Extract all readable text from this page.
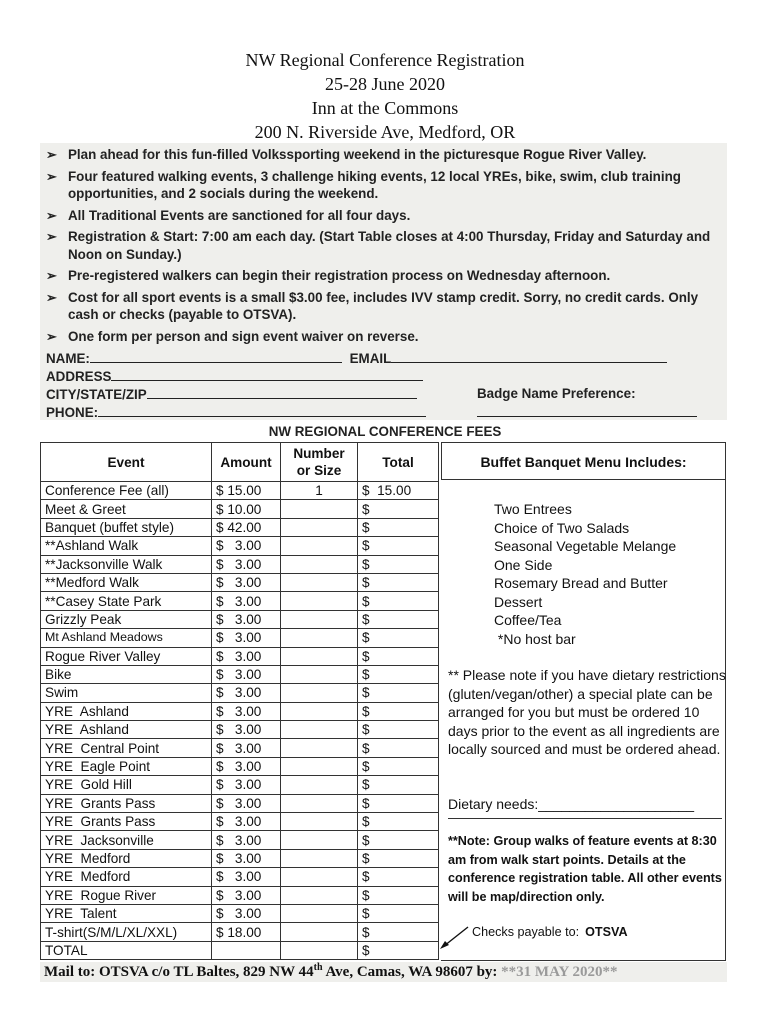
NW Regional Conference Registration
25-28 June 2020
Inn at the Commons
200 N. Riverside Ave, Medford, OR
➢ Plan ahead for this fun-filled Volkssporting weekend in the picturesque Rogue River Valley.
➢ Four featured walking events, 3 challenge hiking events, 12 local YREs, bike, swim, club training opportunities, and 2 socials during the weekend.
➢ All Traditional Events are sanctioned for all four days.
➢ Registration & Start: 7:00 am each day. (Start Table closes at 4:00 Thursday, Friday and Saturday and Noon on Sunday.)
➢ Pre-registered walkers can begin their registration process on Wednesday afternoon.
➢ Cost for all sport events is a small $3.00 fee, includes IVV stamp credit. Sorry, no credit cards. Only cash or checks (payable to OTSVA).
➢ One form per person and sign event waiver on reverse.
NAME:	EMAIL
ADDRESS
CITY/STATE/ZIP	Badge Name Preference:
PHONE:
NW REGIONAL CONFERENCE FEES
Event	Amount	Number or Size	Total
Conference Fee (all)	$ 15.00	1	$  15.00
Meet & Greet	$ 10.00		$
Banquet (buffet style)	$ 42.00		$
**Ashland Walk	$   3.00		$
**Jacksonville Walk	$   3.00		$
**Medford Walk	$   3.00		$
**Casey State Park	$   3.00		$
Grizzly Peak	$   3.00		$
Mt Ashland Meadows	$   3.00		$
Rogue River Valley	$   3.00		$
Bike	$   3.00		$
Swim	$   3.00		$
YRE  Ashland	$   3.00		$
YRE  Ashland	$   3.00		$
YRE  Central Point	$   3.00		$
YRE  Eagle Point	$   3.00		$
YRE  Gold Hill	$   3.00		$
YRE  Grants Pass	$   3.00		$
YRE  Grants Pass	$   3.00		$
YRE  Jacksonville	$   3.00		$
YRE  Medford	$   3.00		$
YRE  Medford	$   3.00		$
YRE  Rogue River	$   3.00		$
YRE  Talent	$   3.00		$
T-shirt(S/M/L/XL/XXL)	$ 18.00		$
TOTAL			$
Buffet Banquet Menu Includes:
Two Entrees
Choice of Two Salads
Seasonal Vegetable Melange
One Side
Rosemary Bread and Butter
Dessert
Coffee/Tea
*No host bar
** Please note if you have dietary restrictions (gluten/vegan/other) a special plate can be arranged for you but must be ordered 10 days prior to the event as all ingredients are locally sourced and must be ordered ahead.
Dietary needs:____________________
**Note: Group walks of feature events at 8:30 am from walk start points. Details at the conference registration table. All other events will be map/direction only.
Checks payable to: OTSVA
Mail to: OTSVA c/o TL Baltes, 829 NW 44th Ave, Camas, WA 98607 by: **31 MAY 2020**
